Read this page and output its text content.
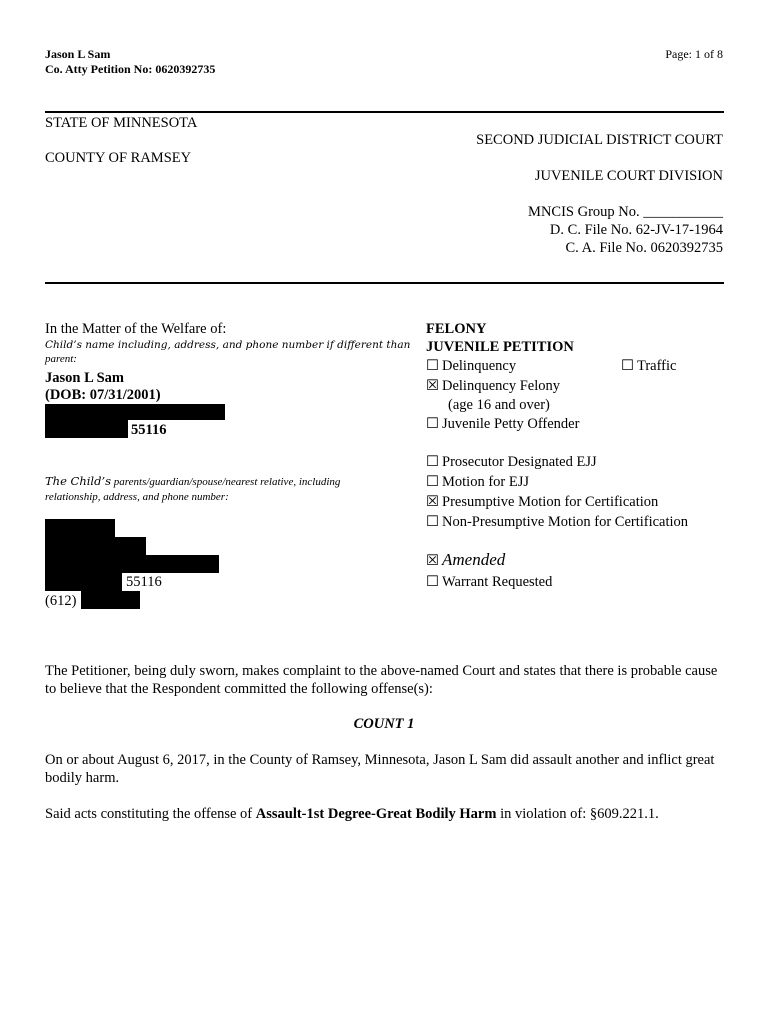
Jason L Sam
Co. Atty Petition No: 0620392735
Page: 1 of 8
STATE OF MINNESOTA
COUNTY OF RAMSEY
SECOND JUDICIAL DISTRICT COURT
JUVENILE COURT DIVISION
MNCIS Group No. ___________
D. C. File No. 62-JV-17-1964
C. A. File No. 0620392735
In the Matter of the Welfare of:
Child’s name including, address, and phone number if different than
parent:
Jason L Sam
(DOB: 07/31/2001)
55116
The Child’s parents/guardian/spouse/nearest relative, including
relationship, address, and phone number:
55116
(612)
FELONY
JUVENILE PETITION
☐ Delinquency	☐ Traffic
☒ Delinquency Felony
(age 16 and over)
☐ Juvenile Petty Offender
☐ Prosecutor Designated EJJ
☐ Motion for EJJ
☒ Presumptive Motion for Certification
☐ Non-Presumptive Motion for Certification
☒ Amended
☐ Warrant Requested
The Petitioner, being duly sworn, makes complaint to the above-named Court and states that there is probable cause to believe that the Respondent committed the following offense(s):
COUNT 1
On or about August 6, 2017, in the County of Ramsey, Minnesota, Jason L Sam did assault another and inflict great bodily harm.
Said acts constituting the offense of Assault-1st Degree-Great Bodily Harm in violation of: §609.221.1.
